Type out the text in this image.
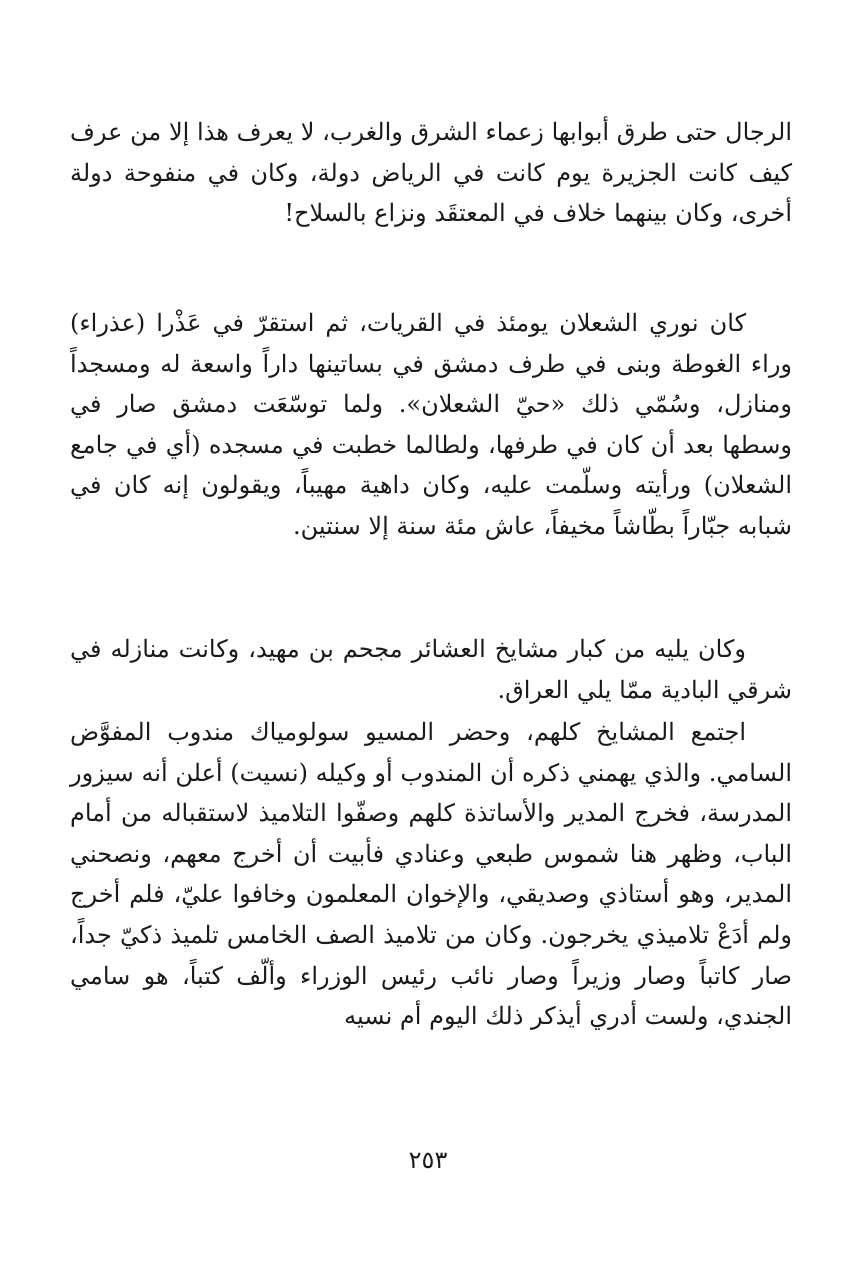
الرجال حتى طرق أبوابها زعماء الشرق والغرب، لا يعرف هذا إلا من عرف كيف كانت الجزيرة يوم كانت في الرياض دولة، وكان في منفوحة دولة أخرى، وكان بينهما خلاف في المعتقَد ونزاع بالسلاح!

كان نوري الشعلان يومئذ في القريات، ثم استقرّ في عَذْرا (عذراء) وراء الغوطة وبنى في طرف دمشق في بساتينها داراً واسعة له ومسجداً ومنازل، وسُمّي ذلك «حيّ الشعلان». ولما توسّعَت دمشق صار في وسطها بعد أن كان في طرفها، ولطالما خطبت في مسجده (أي في جامع الشعلان) ورأيته وسلّمت عليه، وكان داهية مهيباً، ويقولون إنه كان في شبابه جبّاراً بطّاشاً مخيفاً، عاش مئة سنة إلا سنتين.

وكان يليه من كبار مشايخ العشائر مجحم بن مهيد، وكانت منازله في شرقي البادية ممّا يلي العراق.

اجتمع المشايخ كلهم، وحضر المسيو سولومياك مندوب المفوَّض السامي. والذي يهمني ذكره أن المندوب أو وكيله (نسيت) أعلن أنه سيزور المدرسة، فخرج المدير والأساتذة كلهم وصفّوا التلاميذ لاستقباله من أمام الباب، وظهر هنا شموس طبعي وعنادي فأبيت أن أخرج معهم، ونصحني المدير، وهو أستاذي وصديقي، والإخوان المعلمون وخافوا عليّ، فلم أخرج ولم أدَعْ تلاميذي يخرجون. وكان من تلاميذ الصف الخامس تلميذ ذكيّ جداً، صار كاتباً وصار وزيراً وصار نائب رئيس الوزراء وألّف كتباً، هو سامي الجندي، ولست أدري أيذكر ذلك اليوم أم نسيه

٢٥٣
